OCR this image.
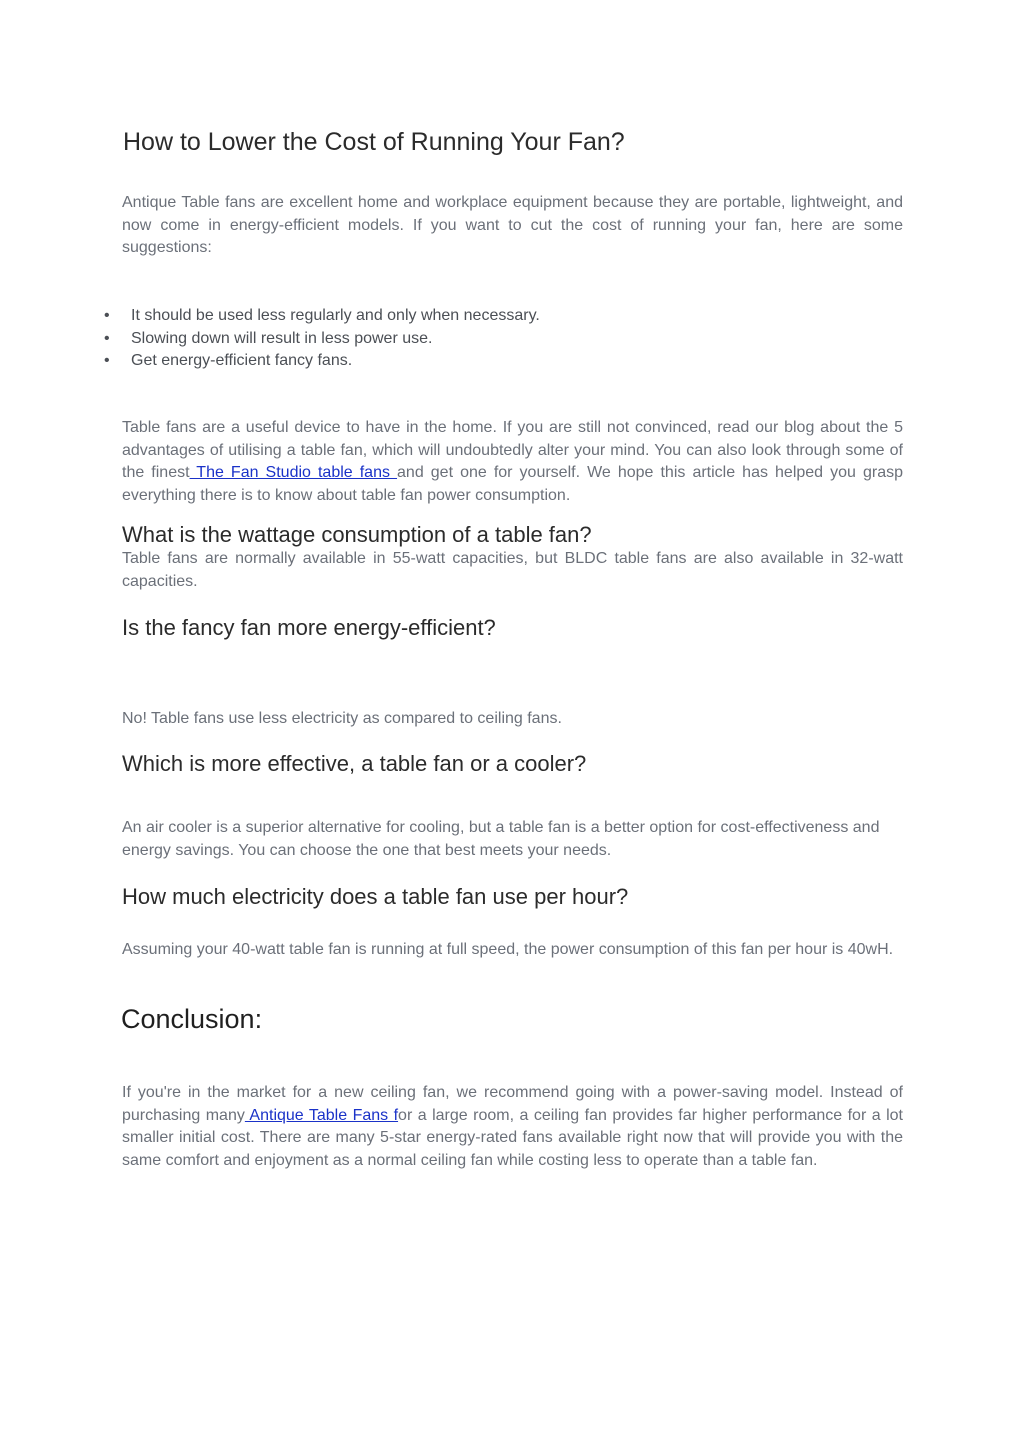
How to Lower the Cost of Running Your Fan?

Antique Table fans are excellent home and workplace equipment because they are portable, lightweight, and now come in energy-efficient models. If you want to cut the cost of running your fan, here are some suggestions:

• It should be used less regularly and only when necessary.
• Slowing down will result in less power use.
• Get energy-efficient fancy fans.

Table fans are a useful device to have in the home. If you are still not convinced, read our blog about the 5 advantages of utilising a table fan, which will undoubtedly alter your mind. You can also look through some of the finest The Fan Studio table fans and get one for yourself. We hope this article has helped you grasp everything there is to know about table fan power consumption.

What is the wattage consumption of a table fan?

Table fans are normally available in 55-watt capacities, but BLDC table fans are also available in 32-watt capacities.

Is the fancy fan more energy-efficient?

No! Table fans use less electricity as compared to ceiling fans.

Which is more effective, a table fan or a cooler?

An air cooler is a superior alternative for cooling, but a table fan is a better option for cost-effectiveness and energy savings. You can choose the one that best meets your needs.

How much electricity does a table fan use per hour?

Assuming your 40-watt table fan is running at full speed, the power consumption of this fan per hour is 40wH.

Conclusion:

If you're in the market for a new ceiling fan, we recommend going with a power-saving model. Instead of purchasing many Antique Table Fans for a large room, a ceiling fan provides far higher performance for a lot smaller initial cost. There are many 5-star energy-rated fans available right now that will provide you with the same comfort and enjoyment as a normal ceiling fan while costing less to operate than a table fan.
